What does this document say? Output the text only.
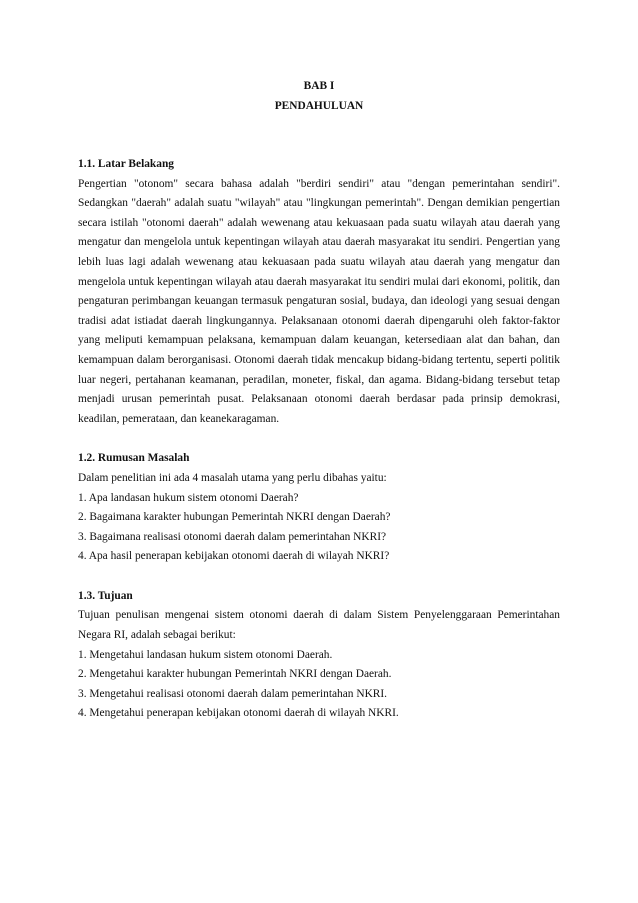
BAB I
PENDAHULUAN

1.1. Latar Belakang

Pengertian "otonom" secara bahasa adalah "berdiri sendiri" atau "dengan pemerintahan sendiri". Sedangkan "daerah" adalah suatu "wilayah" atau "lingkungan pemerintah". Dengan demikian pengertian secara istilah "otonomi daerah" adalah wewenang atau kekuasaan pada suatu wilayah atau daerah yang mengatur dan mengelola untuk kepentingan wilayah atau daerah masyarakat itu sendiri. Pengertian yang lebih luas lagi adalah wewenang atau kekuasaan pada suatu wilayah atau daerah yang mengatur dan mengelola untuk kepentingan wilayah atau daerah masyarakat itu sendiri mulai dari ekonomi, politik, dan pengaturan perimbangan keuangan termasuk pengaturan sosial, budaya, dan ideologi yang sesuai dengan tradisi adat istiadat daerah lingkungannya. Pelaksanaan otonomi daerah dipengaruhi oleh faktor-faktor yang meliputi kemampuan pelaksana, kemampuan dalam keuangan, ketersediaan alat dan bahan, dan kemampuan dalam berorganisasi. Otonomi daerah tidak mencakup bidang-bidang tertentu, seperti politik luar negeri, pertahanan keamanan, peradilan, moneter, fiskal, dan agama. Bidang-bidang tersebut tetap menjadi urusan pemerintah pusat. Pelaksanaan otonomi daerah berdasar pada prinsip demokrasi, keadilan, pemerataan, dan keanekaragaman.

1.2. Rumusan Masalah

Dalam penelitian ini ada 4 masalah utama yang perlu dibahas yaitu:

1. Apa landasan hukum sistem otonomi Daerah?

2. Bagaimana karakter hubungan Pemerintah NKRI dengan Daerah?

3. Bagaimana realisasi otonomi daerah dalam pemerintahan NKRI?

4. Apa hasil penerapan kebijakan otonomi daerah di wilayah NKRI?

1.3. Tujuan

Tujuan penulisan mengenai sistem otonomi daerah di dalam Sistem Penyelenggaraan Pemerintahan Negara RI, adalah sebagai berikut:

1. Mengetahui landasan hukum sistem otonomi Daerah.

2. Mengetahui karakter hubungan Pemerintah NKRI dengan Daerah.

3. Mengetahui realisasi otonomi daerah dalam pemerintahan NKRI.

4. Mengetahui penerapan kebijakan otonomi daerah di wilayah NKRI.
